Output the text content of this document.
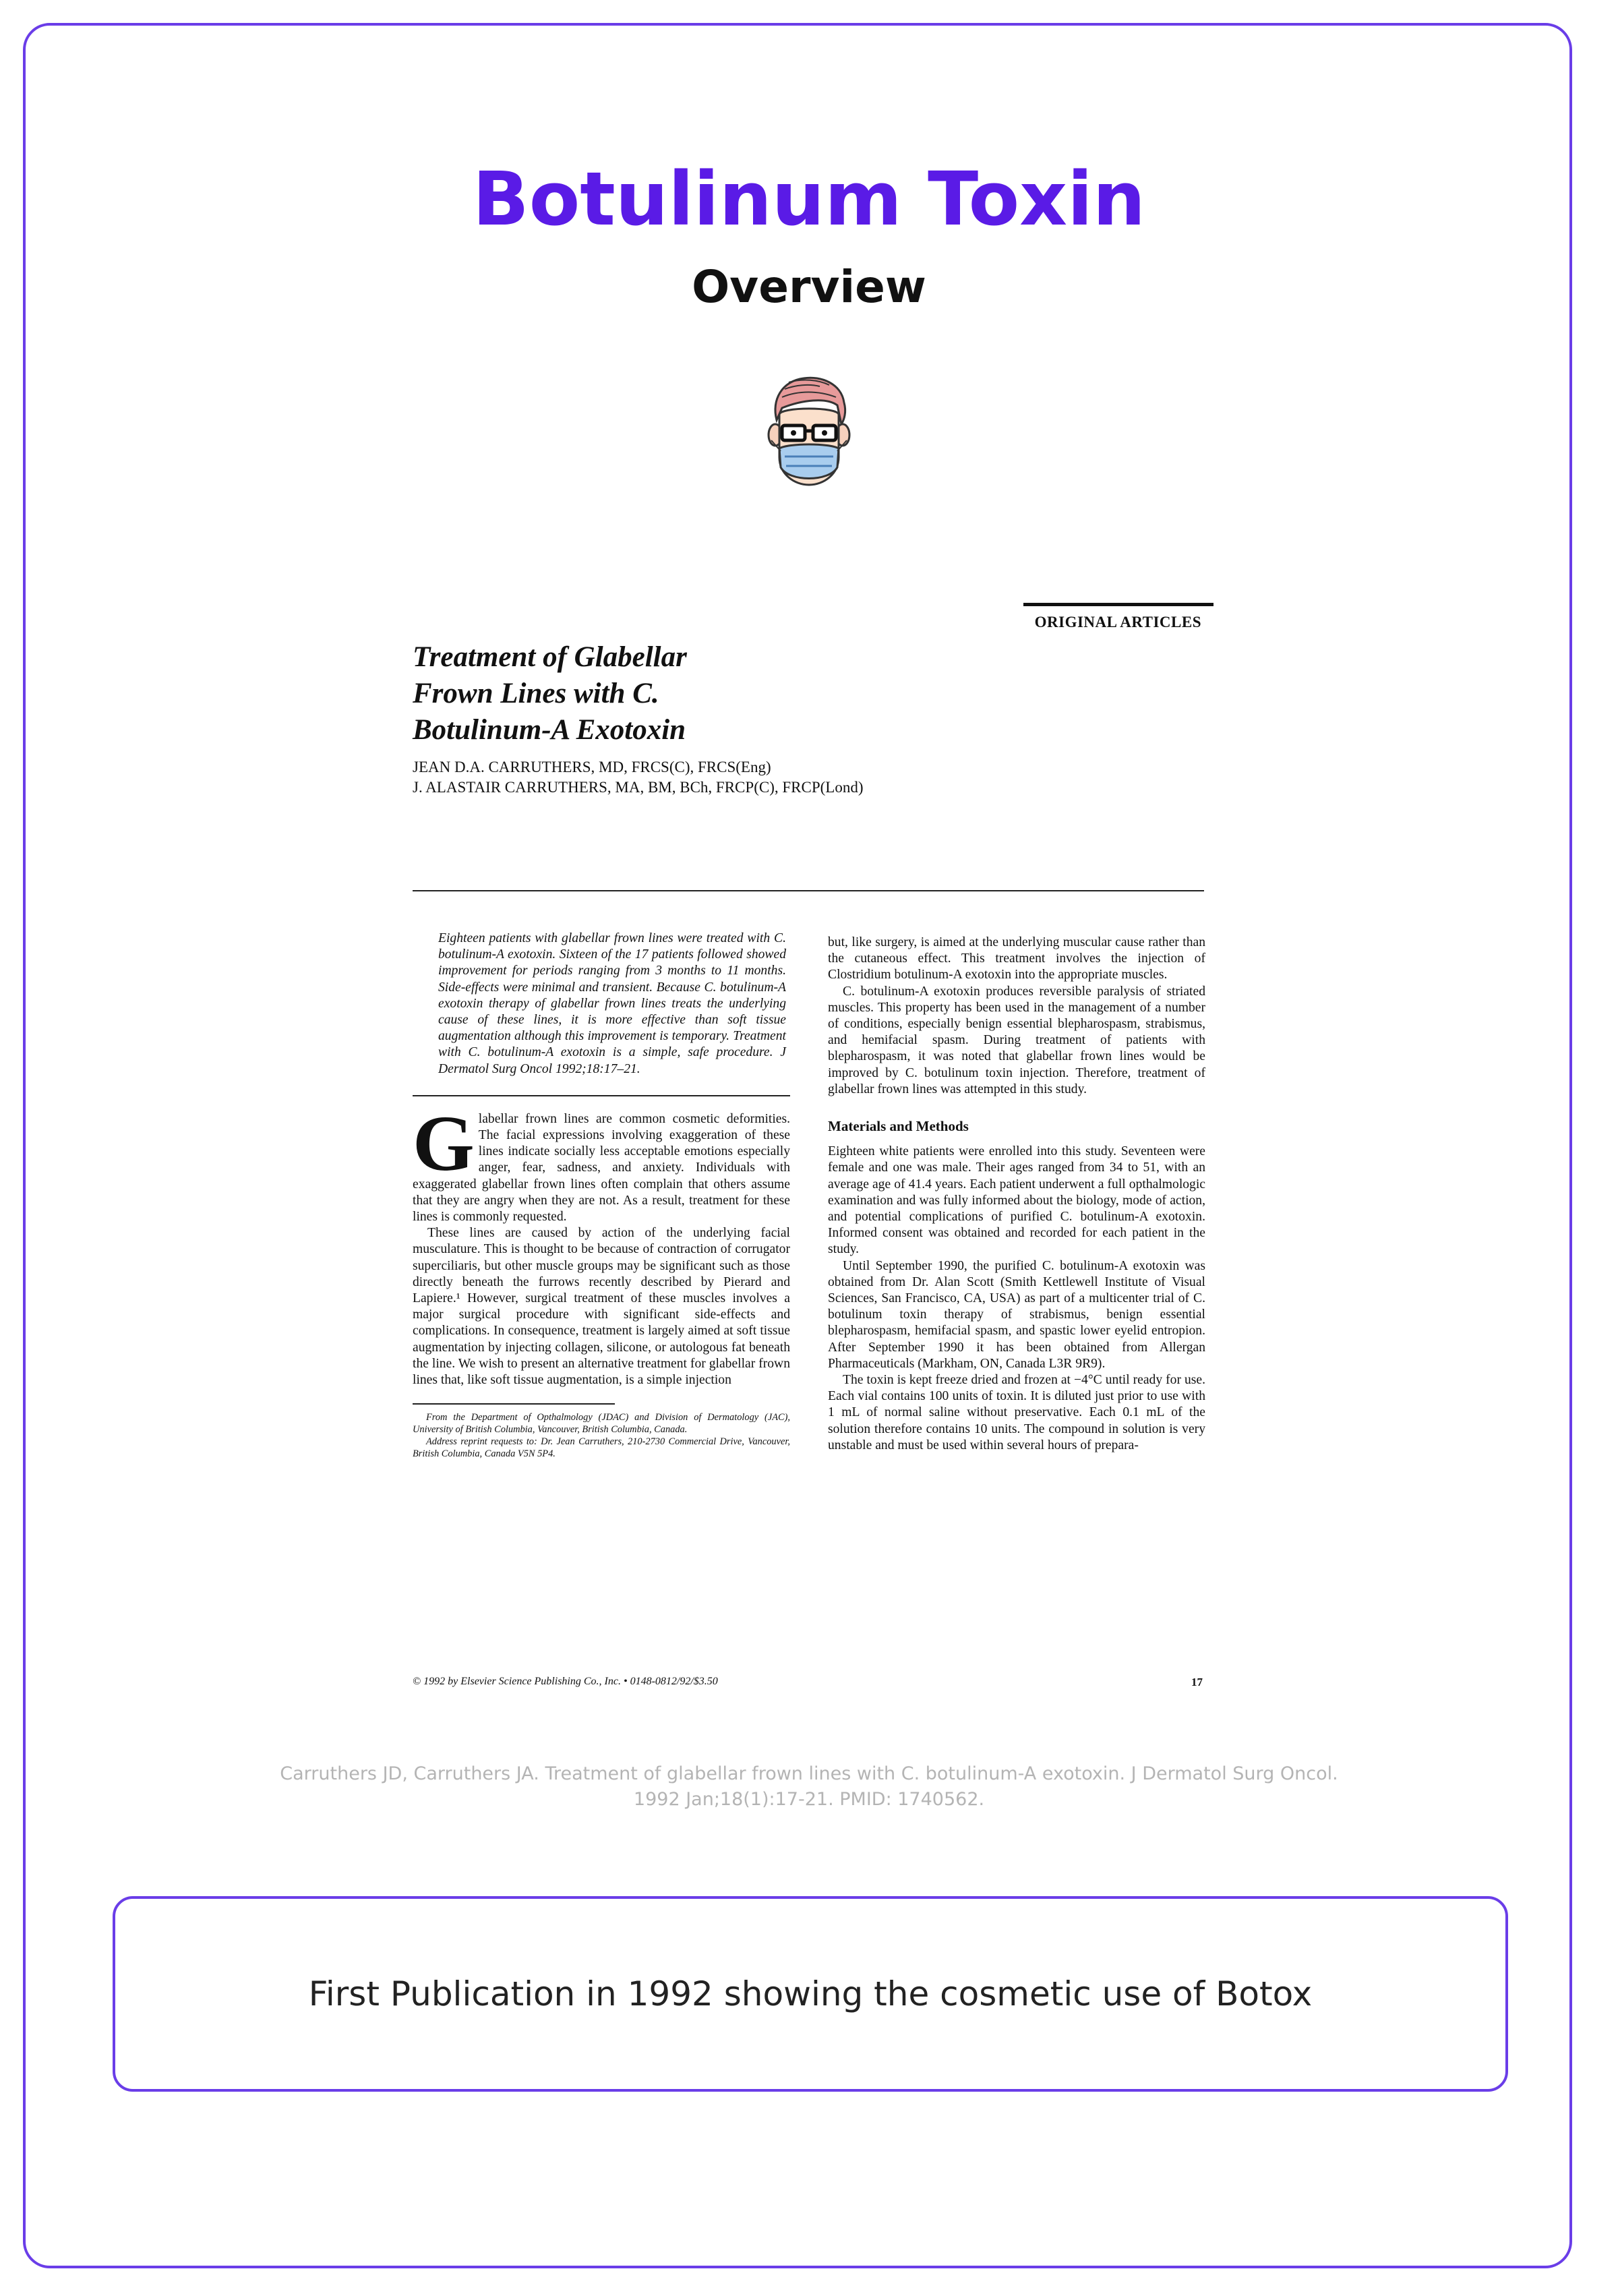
Botulinum Toxin
Overview
ORIGINAL ARTICLES
Treatment of Glabellar
Frown Lines with C.
Botulinum-A Exotoxin
JEAN D.A. CARRUTHERS, MD, FRCS(C), FRCS(Eng)
J. ALASTAIR CARRUTHERS, MA, BM, BCh, FRCP(C), FRCP(Lond)

Eighteen patients with glabellar frown lines were treated with C. botulinum-A exotoxin. Sixteen of the 17 patients followed showed improvement for periods ranging from 3 months to 11 months. Side-effects were minimal and transient. Because C. botulinum-A exotoxin therapy of glabellar frown lines treats the underlying cause of these lines, it is more effective than soft tissue augmentation although this improvement is temporary. Treatment with C. botulinum-A exotoxin is a simple, safe procedure. J Dermatol Surg Oncol 1992;18:17–21.

G labellar frown lines are common cosmetic deformities. The facial expressions involving exaggeration of these lines indicate socially less acceptable emotions especially anger, fear, sadness, and anxiety. Individuals with exaggerated glabellar frown lines often complain that others assume that they are angry when they are not. As a result, treatment for these lines is commonly requested.

These lines are caused by action of the underlying facial musculature. This is thought to be because of contraction of corrugator superciliaris, but other muscle groups may be significant such as those directly beneath the furrows recently described by Pierard and Lapiere.¹ However, surgical treatment of these muscles involves a major surgical procedure with significant side-effects and complications. In consequence, treatment is largely aimed at soft tissue augmentation by injecting collagen, silicone, or autologous fat beneath the line. We wish to present an alternative treatment for glabellar frown lines that, like soft tissue augmentation, is a simple injection

From the Department of Opthalmology (JDAC) and Division of Dermatology (JAC), University of British Columbia, Vancouver, British Columbia, Canada.

Address reprint requests to: Dr. Jean Carruthers, 210-2730 Commercial Drive, Vancouver, British Columbia, Canada V5N 5P4.

but, like surgery, is aimed at the underlying muscular cause rather than the cutaneous effect. This treatment involves the injection of Clostridium botulinum-A exotoxin into the appropriate muscles.

C. botulinum-A exotoxin produces reversible paralysis of striated muscles. This property has been used in the management of a number of conditions, especially benign essential blepharospasm, strabismus, and hemifacial spasm. During treatment of patients with blepharospasm, it was noted that glabellar frown lines would be improved by C. botulinum toxin injection. Therefore, treatment of glabellar frown lines was attempted in this study.

Materials and Methods

Eighteen white patients were enrolled into this study. Seventeen were female and one was male. Their ages ranged from 34 to 51, with an average age of 41.4 years. Each patient underwent a full opthalmologic examination and was fully informed about the biology, mode of action, and potential complications of purified C. botulinum-A exotoxin. Informed consent was obtained and recorded for each patient in the study.

Until September 1990, the purified C. botulinum-A exotoxin was obtained from Dr. Alan Scott (Smith Kettlewell Institute of Visual Sciences, San Francisco, CA, USA) as part of a multicenter trial of C. botulinum toxin therapy of strabismus, benign essential blepharospasm, hemifacial spasm, and spastic lower eyelid entropion. After September 1990 it has been obtained from Allergan Pharmaceuticals (Markham, ON, Canada L3R 9R9).

The toxin is kept freeze dried and frozen at −4°C until ready for use. Each vial contains 100 units of toxin. It is diluted just prior to use with 1 mL of normal saline without preservative. Each 0.1 mL of the solution therefore contains 10 units. The compound in solution is very unstable and must be used within several hours of prepara-

© 1992 by Elsevier Science Publishing Co., Inc. • 0148-0812/92/$3.50	17
Carruthers JD, Carruthers JA. Treatment of glabellar frown lines with C. botulinum-A exotoxin. J Dermatol Surg Oncol. 1992 Jan;18(1):17-21. PMID: 1740562.
First Publication in 1992 showing the cosmetic use of Botox
